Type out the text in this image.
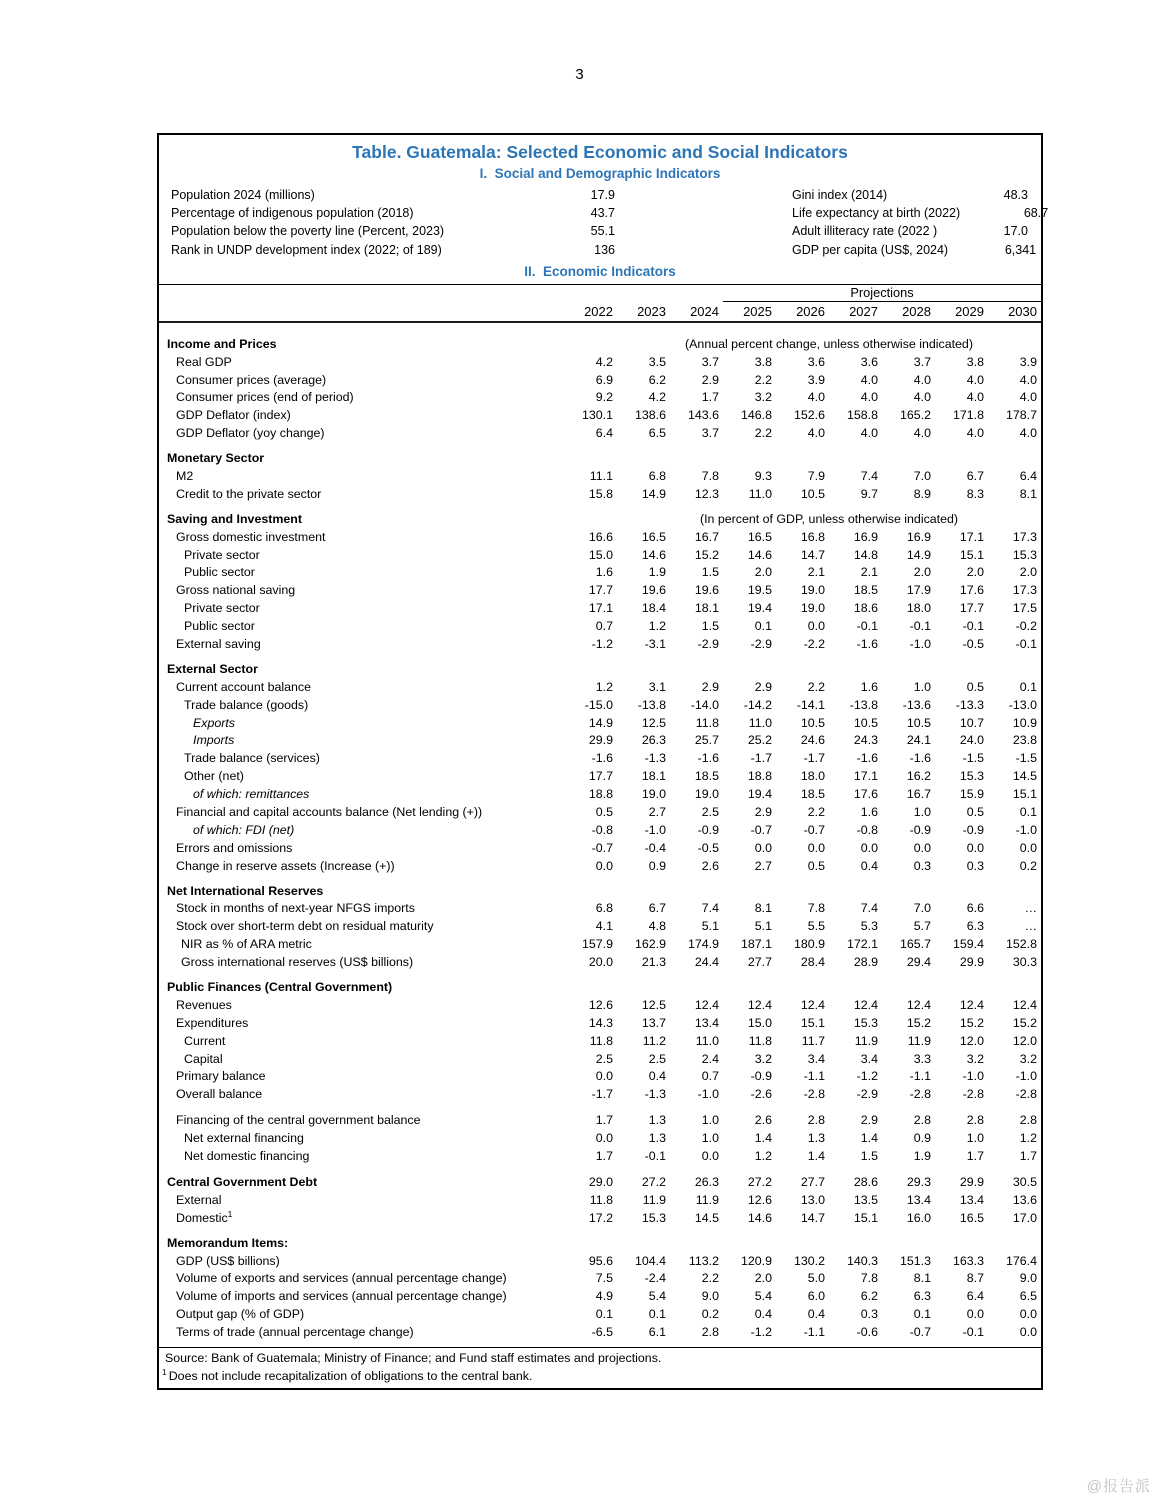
3
Table. Guatemala: Selected Economic and Social Indicators
I.  Social and Demographic Indicators
Population 2024 (millions)	17.9	Gini index (2014)	48.3
Percentage of indigenous population (2018)	43.7	Life expectancy at birth (2022)	68.7
Population below the poverty line (Percent, 2023)	55.1	Adult illiteracy rate (2022 )	17.0
Rank in UNDP development index (2022; of 189)	136	GDP per capita (US$, 2024)	6,341
II.  Economic Indicators
Projections
2022	2023	2024	2025	2026	2027	2028	2029	2030
Income and Prices	(Annual percent change, unless otherwise indicated)
Real GDP	4.2	3.5	3.7	3.8	3.6	3.6	3.7	3.8	3.9
Consumer prices (average)	6.9	6.2	2.9	2.2	3.9	4.0	4.0	4.0	4.0
Consumer prices (end of period)	9.2	4.2	1.7	3.2	4.0	4.0	4.0	4.0	4.0
GDP Deflator (index)	130.1	138.6	143.6	146.8	152.6	158.8	165.2	171.8	178.7
GDP Deflator (yoy change)	6.4	6.5	3.7	2.2	4.0	4.0	4.0	4.0	4.0
Monetary Sector
M2	11.1	6.8	7.8	9.3	7.9	7.4	7.0	6.7	6.4
Credit to the private sector	15.8	14.9	12.3	11.0	10.5	9.7	8.9	8.3	8.1
Saving and Investment	(In percent of GDP, unless otherwise indicated)
Gross domestic investment	16.6	16.5	16.7	16.5	16.8	16.9	16.9	17.1	17.3
Private sector	15.0	14.6	15.2	14.6	14.7	14.8	14.9	15.1	15.3
Public sector	1.6	1.9	1.5	2.0	2.1	2.1	2.0	2.0	2.0
Gross national saving	17.7	19.6	19.6	19.5	19.0	18.5	17.9	17.6	17.3
Private sector	17.1	18.4	18.1	19.4	19.0	18.6	18.0	17.7	17.5
Public sector	0.7	1.2	1.5	0.1	0.0	-0.1	-0.1	-0.1	-0.2
External saving	-1.2	-3.1	-2.9	-2.9	-2.2	-1.6	-1.0	-0.5	-0.1
External Sector
Current account balance	1.2	3.1	2.9	2.9	2.2	1.6	1.0	0.5	0.1
Trade balance (goods)	-15.0	-13.8	-14.0	-14.2	-14.1	-13.8	-13.6	-13.3	-13.0
Exports	14.9	12.5	11.8	11.0	10.5	10.5	10.5	10.7	10.9
Imports	29.9	26.3	25.7	25.2	24.6	24.3	24.1	24.0	23.8
Trade balance (services)	-1.6	-1.3	-1.6	-1.7	-1.7	-1.6	-1.6	-1.5	-1.5
Other (net)	17.7	18.1	18.5	18.8	18.0	17.1	16.2	15.3	14.5
of which: remittances	18.8	19.0	19.0	19.4	18.5	17.6	16.7	15.9	15.1
Financial and capital accounts balance (Net lending (+))	0.5	2.7	2.5	2.9	2.2	1.6	1.0	0.5	0.1
of which: FDI (net)	-0.8	-1.0	-0.9	-0.7	-0.7	-0.8	-0.9	-0.9	-1.0
Errors and omissions	-0.7	-0.4	-0.5	0.0	0.0	0.0	0.0	0.0	0.0
Change in reserve assets (Increase (+))	0.0	0.9	2.6	2.7	0.5	0.4	0.3	0.3	0.2
Net International Reserves
Stock in months of next-year NFGS imports	6.8	6.7	7.4	8.1	7.8	7.4	7.0	6.6	…
Stock over short-term debt on residual maturity	4.1	4.8	5.1	5.1	5.5	5.3	5.7	6.3	…
NIR as % of ARA metric	157.9	162.9	174.9	187.1	180.9	172.1	165.7	159.4	152.8
Gross international reserves (US$ billions)	20.0	21.3	24.4	27.7	28.4	28.9	29.4	29.9	30.3
Public Finances (Central Government)
Revenues	12.6	12.5	12.4	12.4	12.4	12.4	12.4	12.4	12.4
Expenditures	14.3	13.7	13.4	15.0	15.1	15.3	15.2	15.2	15.2
Current	11.8	11.2	11.0	11.8	11.7	11.9	11.9	12.0	12.0
Capital	2.5	2.5	2.4	3.2	3.4	3.4	3.3	3.2	3.2
Primary balance	0.0	0.4	0.7	-0.9	-1.1	-1.2	-1.1	-1.0	-1.0
Overall balance	-1.7	-1.3	-1.0	-2.6	-2.8	-2.9	-2.8	-2.8	-2.8
Financing of the central government balance	1.7	1.3	1.0	2.6	2.8	2.9	2.8	2.8	2.8
Net external financing	0.0	1.3	1.0	1.4	1.3	1.4	0.9	1.0	1.2
Net domestic financing	1.7	-0.1	0.0	1.2	1.4	1.5	1.9	1.7	1.7
Central Government Debt	29.0	27.2	26.3	27.2	27.7	28.6	29.3	29.9	30.5
External	11.8	11.9	11.9	12.6	13.0	13.5	13.4	13.4	13.6
Domestic$^1$	17.2	15.3	14.5	14.6	14.7	15.1	16.0	16.5	17.0
Memorandum Items:
GDP (US$ billions)	95.6	104.4	113.2	120.9	130.2	140.3	151.3	163.3	176.4
Volume of exports and services (annual percentage change)	7.5	-2.4	2.2	2.0	5.0	7.8	8.1	8.7	9.0
Volume of imports and services (annual percentage change)	4.9	5.4	9.0	5.4	6.0	6.2	6.3	6.4	6.5
Output gap (% of GDP)	0.1	0.1	0.2	0.4	0.4	0.3	0.1	0.0	0.0
Terms of trade (annual percentage change)	-6.5	6.1	2.8	-1.2	-1.1	-0.6	-0.7	-0.1	0.0
Source: Bank of Guatemala; Ministry of Finance; and Fund staff estimates and projections.
$^1$ Does not include recapitalization of obligations to the central bank.
@报告派
